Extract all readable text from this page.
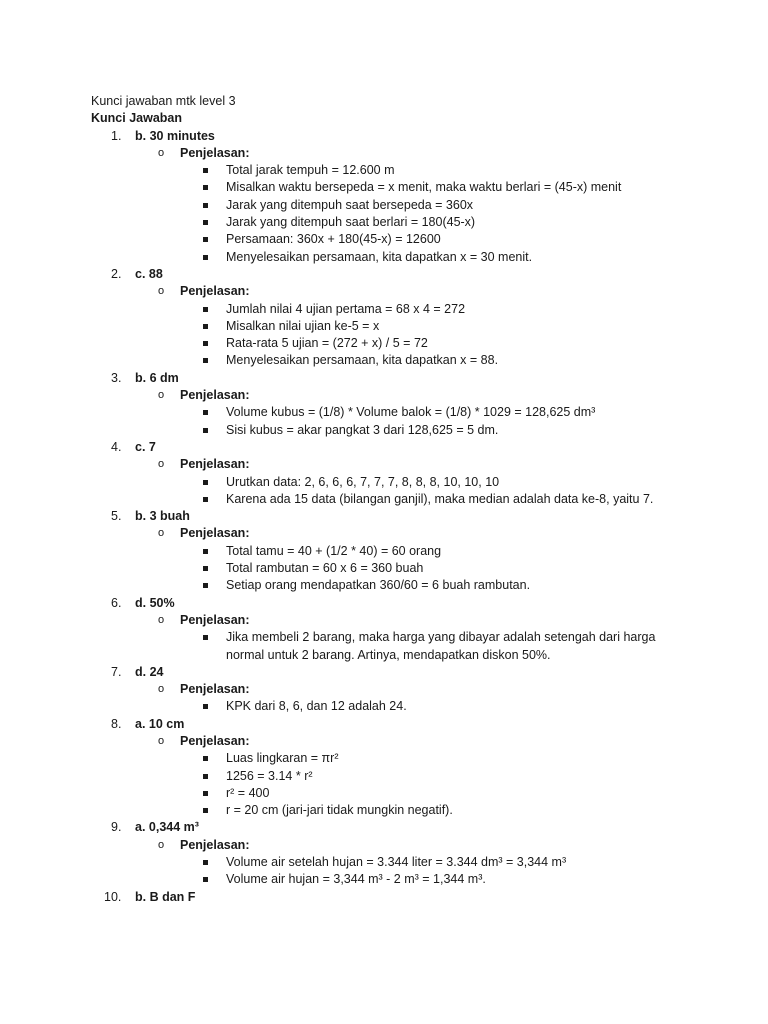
Kunci jawaban mtk level 3
Kunci Jawaban
1.	b. 30 minutes
o Penjelasan:
Total jarak tempuh = 12.600 m
Misalkan waktu bersepeda = x menit, maka waktu berlari = (45-x) menit
Jarak yang ditempuh saat bersepeda = 360x
Jarak yang ditempuh saat berlari = 180(45-x)
Persamaan: 360x + 180(45-x) = 12600
Menyelesaikan persamaan, kita dapatkan x = 30 menit.
2.	c. 88
o Penjelasan:
Jumlah nilai 4 ujian pertama = 68 x 4 = 272
Misalkan nilai ujian ke-5 = x
Rata-rata 5 ujian = (272 + x) / 5 = 72
Menyelesaikan persamaan, kita dapatkan x = 88.
3.	b. 6 dm
o Penjelasan:
Volume kubus = (1/8) * Volume balok = (1/8) * 1029 = 128,625 dm³
Sisi kubus = akar pangkat 3 dari 128,625 = 5 dm.
4.	c. 7
o Penjelasan:
Urutkan data: 2, 6, 6, 6, 7, 7, 7, 8, 8, 8, 10, 10, 10
Karena ada 15 data (bilangan ganjil), maka median adalah data ke-8, yaitu 7.
5.	b. 3 buah
o Penjelasan:
Total tamu = 40 + (1/2 * 40) = 60 orang
Total rambutan = 60 x 6 = 360 buah
Setiap orang mendapatkan 360/60 = 6 buah rambutan.
6.	d. 50%
o Penjelasan:
Jika membeli 2 barang, maka harga yang dibayar adalah setengah dari harga normal untuk 2 barang. Artinya, mendapatkan diskon 50%.
7.	d. 24
o Penjelasan:
KPK dari 8, 6, dan 12 adalah 24.
8.	a. 10 cm
o Penjelasan:
Luas lingkaran = πr²
1256 = 3.14 * r²
r² = 400
r = 20 cm (jari-jari tidak mungkin negatif).
9.	a. 0,344 m³
o Penjelasan:
Volume air setelah hujan = 3.344 liter = 3.344 dm³ = 3,344 m³
Volume air hujan = 3,344 m³ - 2 m³ = 1,344 m³.
10.	b. B dan F
